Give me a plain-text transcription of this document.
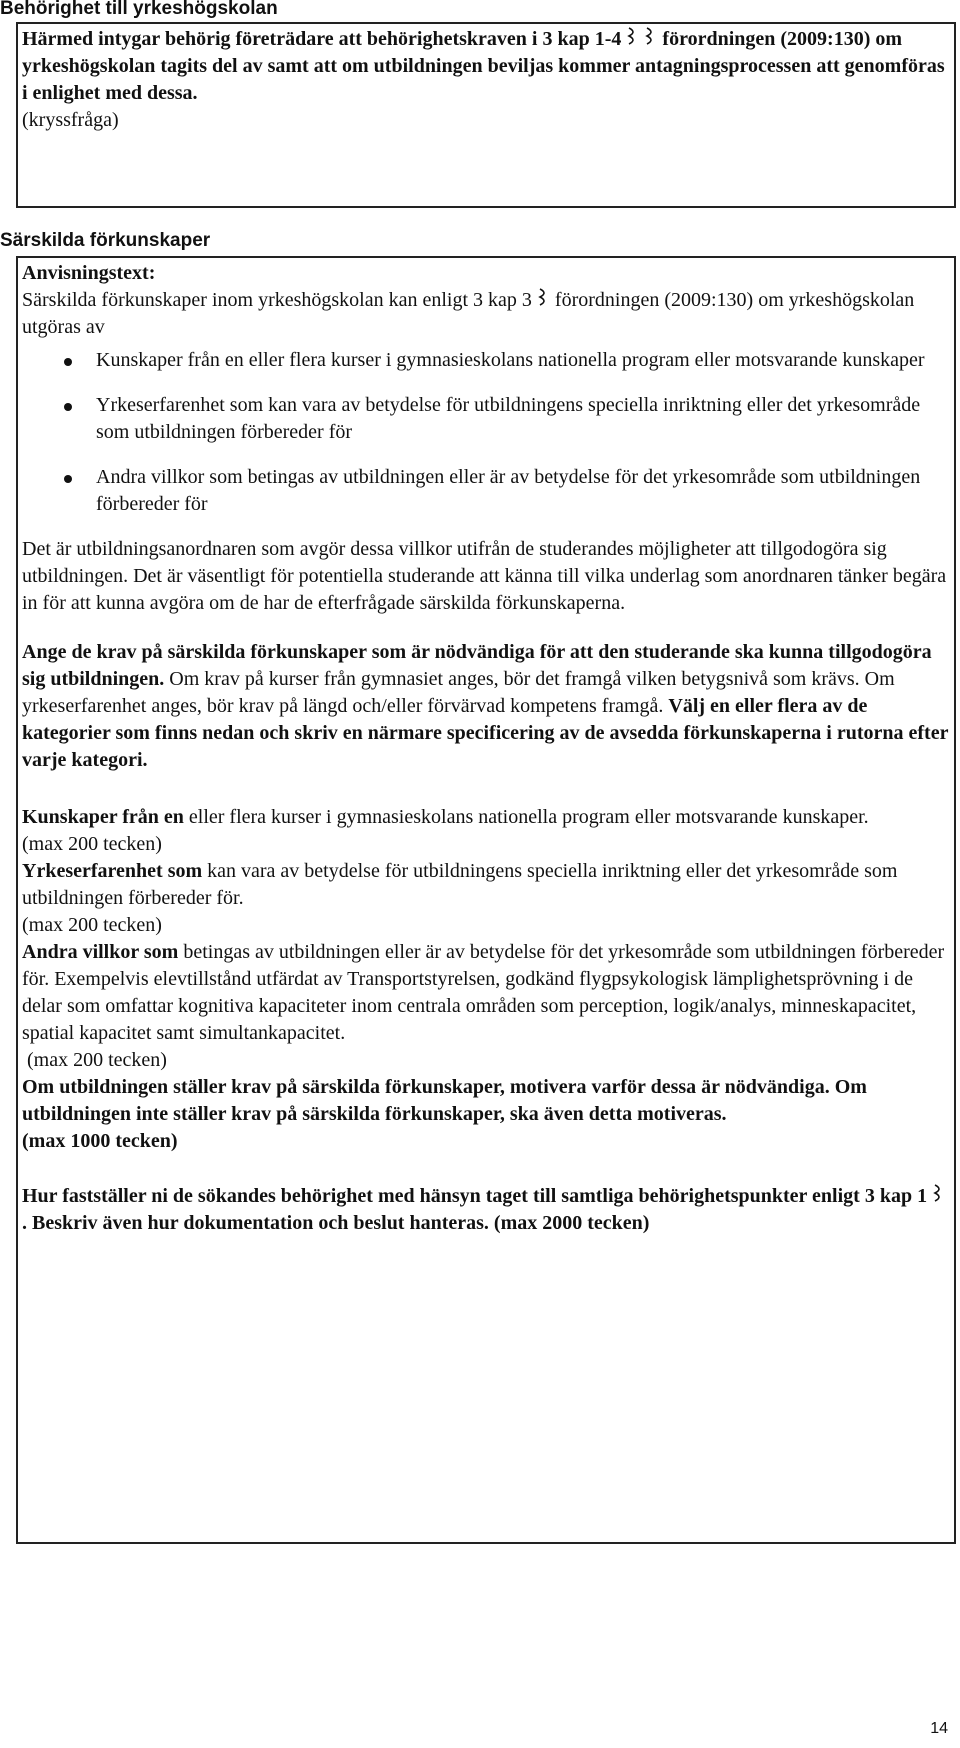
Behörighet till yrkeshögskolan

Härmed intygar behörig företrädare att behörighetskraven i 3 kap 1-4 förordningen (2009:130) om yrkeshögskolan tagits del av samt att om utbildningen beviljas kommer antagningsprocessen att genomföras i enlighet med dessa.

(kryssfråga)

Särskilda förkunskaper

Anvisningstext:

Särskilda förkunskaper inom yrkeshögskolan kan enligt 3 kap 3 förordningen (2009:130) om yrkeshögskolan utgöras av

Kunskaper från en eller flera kurser i gymnasieskolans nationella program eller motsvarande kunskaper
Yrkeserfarenhet som kan vara av betydelse för utbildningens speciella inriktning eller det yrkesområde som utbildningen förbereder för
Andra villkor som betingas av utbildningen eller är av betydelse för det yrkesområde som utbildningen förbereder för

Det är utbildningsanordnaren som avgör dessa villkor utifrån de studerandes möjligheter att tillgodogöra sig utbildningen. Det är väsentligt för potentiella studerande att känna till vilka underlag som anordnaren tänker begära in för att kunna avgöra om de har de efterfrågade särskilda förkunskaperna.

Ange de krav på särskilda förkunskaper som är nödvändiga för att den studerande ska kunna tillgodogöra sig utbildningen. Om krav på kurser från gymnasiet anges, bör det framgå vilken betygsnivå som krävs. Om yrkeserfarenhet anges, bör krav på längd och/eller förvärvad kompetens framgå. Välj en eller flera av de kategorier som finns nedan och skriv en närmare specificering av de avsedda förkunskaperna i rutorna efter varje kategori.

Kunskaper från en eller flera kurser i gymnasieskolans nationella program eller motsvarande kunskaper.

(max 200 tecken)

Yrkeserfarenhet som kan vara av betydelse för utbildningens speciella inriktning eller det yrkesområde som utbildningen förbereder för.

(max 200 tecken)

Andra villkor som betingas av utbildningen eller är av betydelse för det yrkesområde som utbildningen förbereder för. Exempelvis elevtillstånd utfärdat av Transportstyrelsen, godkänd flygpsykologisk lämplighetsprövning i de delar som omfattar kognitiva kapaciteter inom centrala områden som perception, logik/analys, minneskapacitet, spatial kapacitet samt simultankapacitet.

(max 200 tecken)

Om utbildningen ställer krav på särskilda förkunskaper, motivera varför dessa är nödvändiga. Om utbildningen inte ställer krav på särskilda förkunskaper, ska även detta motiveras.

(max 1000 tecken)

Hur fastställer ni de sökandes behörighet med hänsyn taget till samtliga behörighetspunkter enligt 3 kap 1. Beskriv även hur dokumentation och beslut hanteras. (max 2000 tecken)

14
